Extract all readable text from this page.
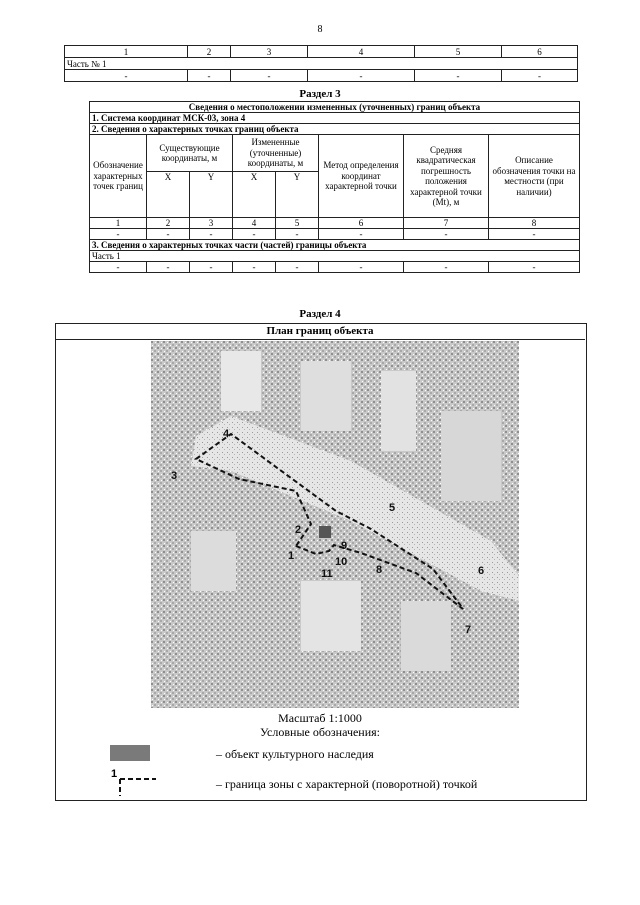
8
1	2	3	4	5	6
Часть № 1					
-	-	-	-	-	-
Раздел 3
Сведения о местоположении измененных (уточненных) границ объекта							
1. Система координат МСК-03, зона 4							
2. Сведения о характерных точках границ объекта							
Обозначение характерных точек границ	Существующие координаты, м		Измененные (уточненные) координаты, м		Метод определения координат характерной точки	Средняя квадратическая погрешность положения характерной точки (Mt), м	Описание обозначения точки на местности (при наличии)
	X	Y	X	Y			
1	2	3	4	5	6	7	8
-	-	-	-	-	-	-	-
3. Сведения о характерных точках части (частей) границы объекта							
Часть 1							
-	-	-	-	-	-	-	-
Раздел 4
План границ объекта
1
2
3
4
5
6
7
8
9
10
11
Масштаб 1:1000
Условные обозначения:
– объект культурного наследия
1
– граница зоны с характерной (поворотной) точкой
